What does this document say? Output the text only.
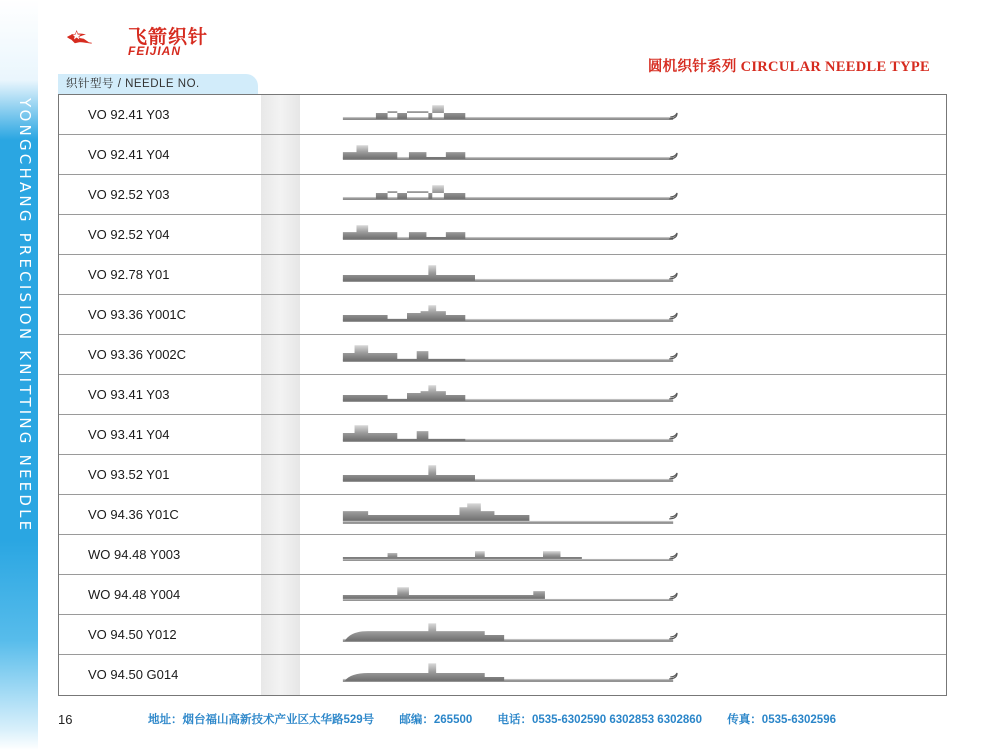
YONGCHANG PRECISION KNITTING NEEDLE
飞箭织针
FEIJIAN
圆机织针系列 CIRCULAR NEEDLE TYPE
织针型号 / NEEDLE NO.
VO 92.41 Y03
VO 92.41 Y04
VO 92.52 Y03
VO 92.52 Y04
VO 92.78 Y01
VO 93.36 Y001C
VO 93.36 Y002C
VO 93.41 Y03
VO 93.41 Y04
VO 93.52 Y01
VO 94.36 Y01C
WO 94.48 Y003
WO 94.48 Y004
VO 94.50 Y012
VO 94.50 G014
16	地址：烟台福山高新技术产业区太华路529号 邮编：265500 电话：0535-6302590 6302853 6302860 传真：0535-6302596
